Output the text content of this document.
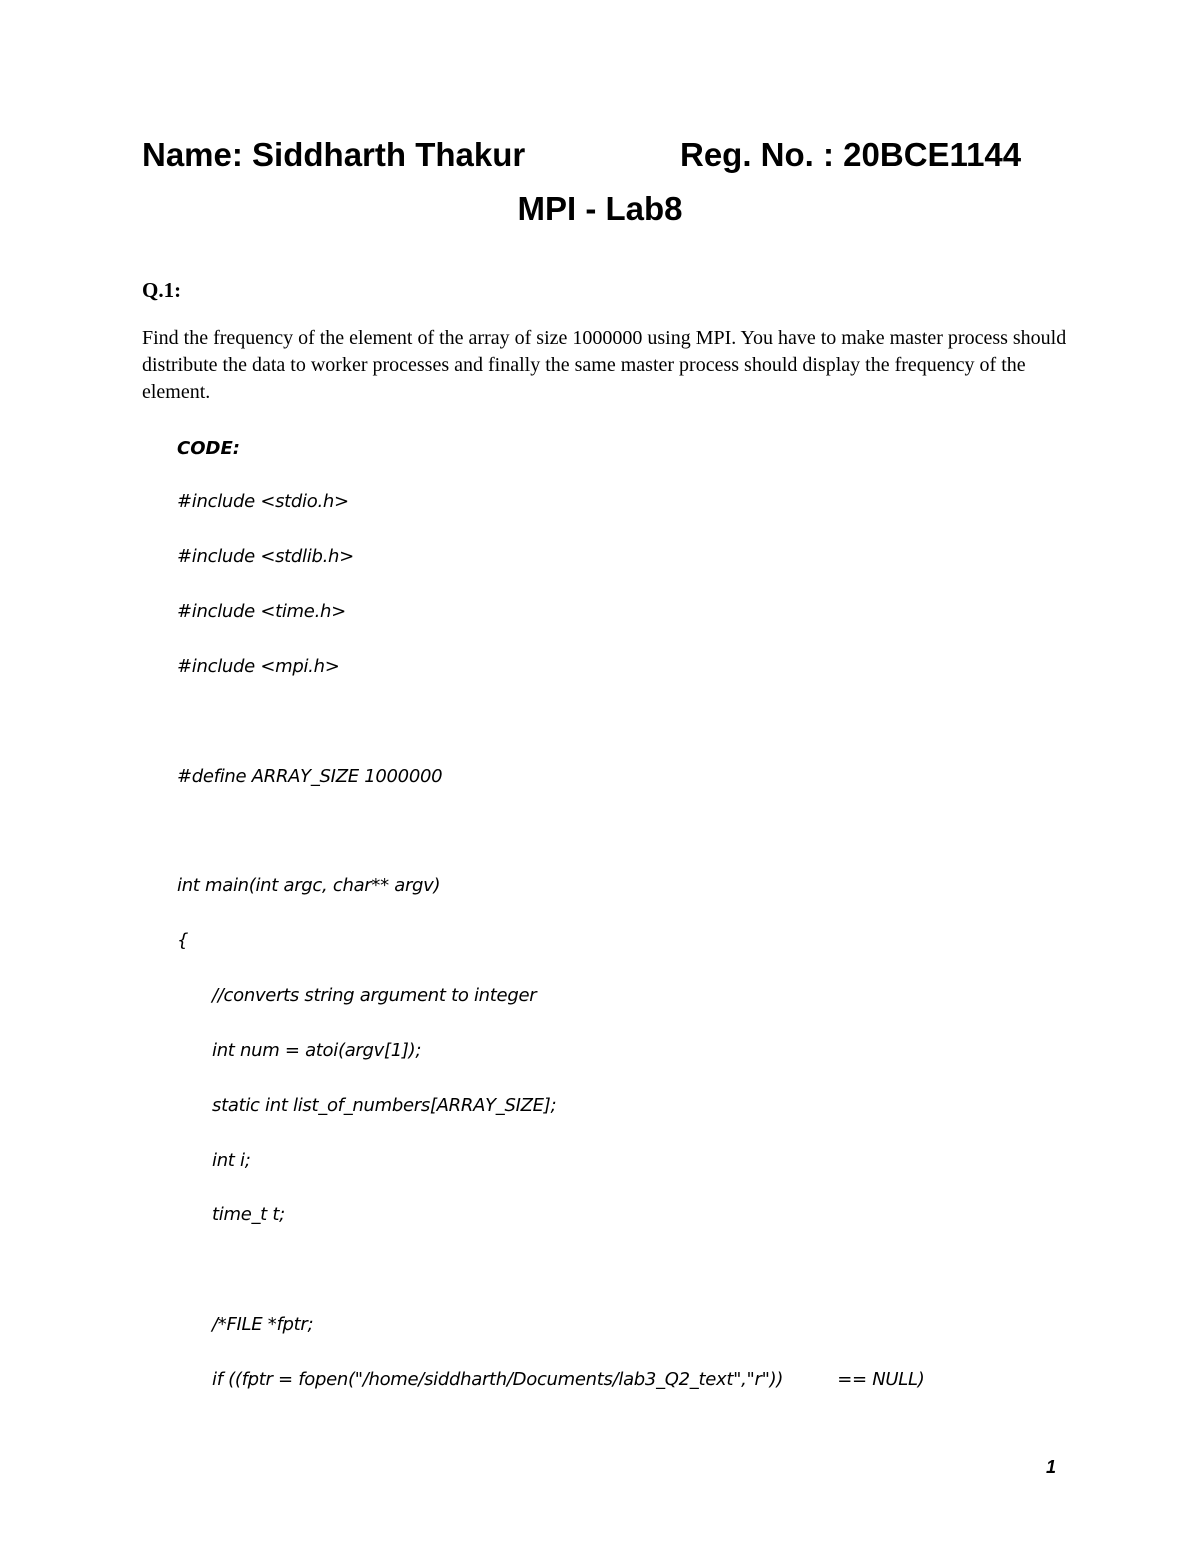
Name: Siddharth Thakur	Reg. No. : 20BCE1144
MPI - Lab8
Q.1:
Find the frequency of the element of the array of size 1000000 using MPI. You have to make master process should distribute the data to worker processes and finally the same master process should display the frequency of the element.
CODE:
#include <stdio.h>
#include <stdlib.h>
#include <time.h>
#include <mpi.h>
#define ARRAY_SIZE 1000000
int main(int argc, char** argv)
{
//converts string argument to integer
int num = atoi(argv[1]);
static int list_of_numbers[ARRAY_SIZE];
int i;
time_t t;
/*FILE *fptr;
if ((fptr = fopen("/home/siddharth/Documents/lab3_Q2_text","r"))          == NULL)
1
